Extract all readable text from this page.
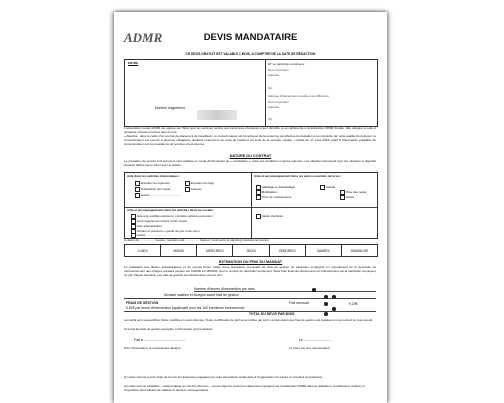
ADMR	DEVIS MANDATAIRE
CE DEVIS GRATUIT EST VALABLE 1 MOIS, A COMPTER DE LA DATE DE RÉDACTION
ENTRE
Numéro d'agrément
ET Le particulier employeur
Nom et prénom
Adresse
Tel :
Adresse d'intervention si celle-ci est différente
Nom et prénom
Adresse
Tel :
L'association locale ADMR est agréée par l'État pour les services rendus aux personnes physiques à leur domicile et est adhérente à la fédération ADMR fondée. Elle délègue à celle-ci certaines missions prévues dans le titre.
« Attention, dans le cadre d'un contrat de placement de travailleurs, le consommateur est l'employeur de la personne qui effectue la prestation à son domicile. En cette qualité d'employeur, le consommateur est soumis à diverses obligations résultant notamment du code du travail et du code de la sécurité sociale. » Arrêté du 17 mars 2015 relatif à l'information préalable du consommateur sur les prestations de services à la personne.
NATURE DU CONTRAT
La prestation de service à la personne sera réalisée en mode d'intervention de « mandataire », selon les conditions ci-après retenues. Les salariés intervenant pour les missions et objectifs suivants définis par le client avec le salarié :
Aide dans les activités domestiques :
Entretien du logement	Entretien du linge
Préparation des repas	Courses
Autres : ...................................
Aide et accompagnement dans les actes essentiels de la vie :
Habillage et déshabillage	Toilette
Prise des repas
Mobilisation
Prise de médicaments	Autres
Aide et accompagnement dans les activités de la vie sociale :
Aide à la mobilité extérieure, conduite véhicule personnel
Accompagnement loisirs et lien social
Aide administrative
Soutien et présence « garde de jour et de nuit »
Autres : ...........................
Garde d'enfants
A raison de .................. heures / semaine soit ................. heures / mois selon le planning prévisionnel suivant
LUNDI	MARDI	MERCREDI	JEUDI	VENDREDI	SAMEDI	DIMANCHE
ESTIMATION DU PRIX DU MANDAT
La réalisation des tâches administratives et de conseil feront l'objet d'une facturation mensuelle de frais de gestion au particulier employeur en complément de la demande de remboursement des charges sociales payées par l'ADMR à l'URSSAF pour le compte du particulier employeur. Sans frais financés directement ou indirectement par le particulier employeur ou par chèque bancaire. Les frais de gestion sont déterminés comme suit :
Nombre d'heures d'intervention par mois
Montant salaires et charges avant frais de gestion
FRAIS DE GESTION	Fixe mensuel	9.20€
0.82€ par heure d'intervention (applicable pour les 100 premières heures/mois)
TOTAL DU DEVIS PAR MOIS
Les tarifs sont susceptibles d'être modifiés en cours d'année. Toute modification de tarif sera notifiée par écrit. La facturation des frais de gestion est réalisée le mois suivant le mois écoulé.
Une fois les frais de gestion acceptés, l'intervention pourra débuter.
Fait à ..........................................	Le ...........................
Pour l'association, le représentant désigné :	Le client (ou son représentant)
(1) Cette somme a pour objet de couvrir les dépenses engagées par votre association locale liées à l'organisation du travail, le conseil à la production.
(2) Cette somme forfaitaire – indépendante du nombre d'heures – a pour objet de couvrir les dépenses engagées par la fédération ADMR dans la réalisation, le traitement, l'édition et l'expédition des bulletins de salaires et factures correspondants.
